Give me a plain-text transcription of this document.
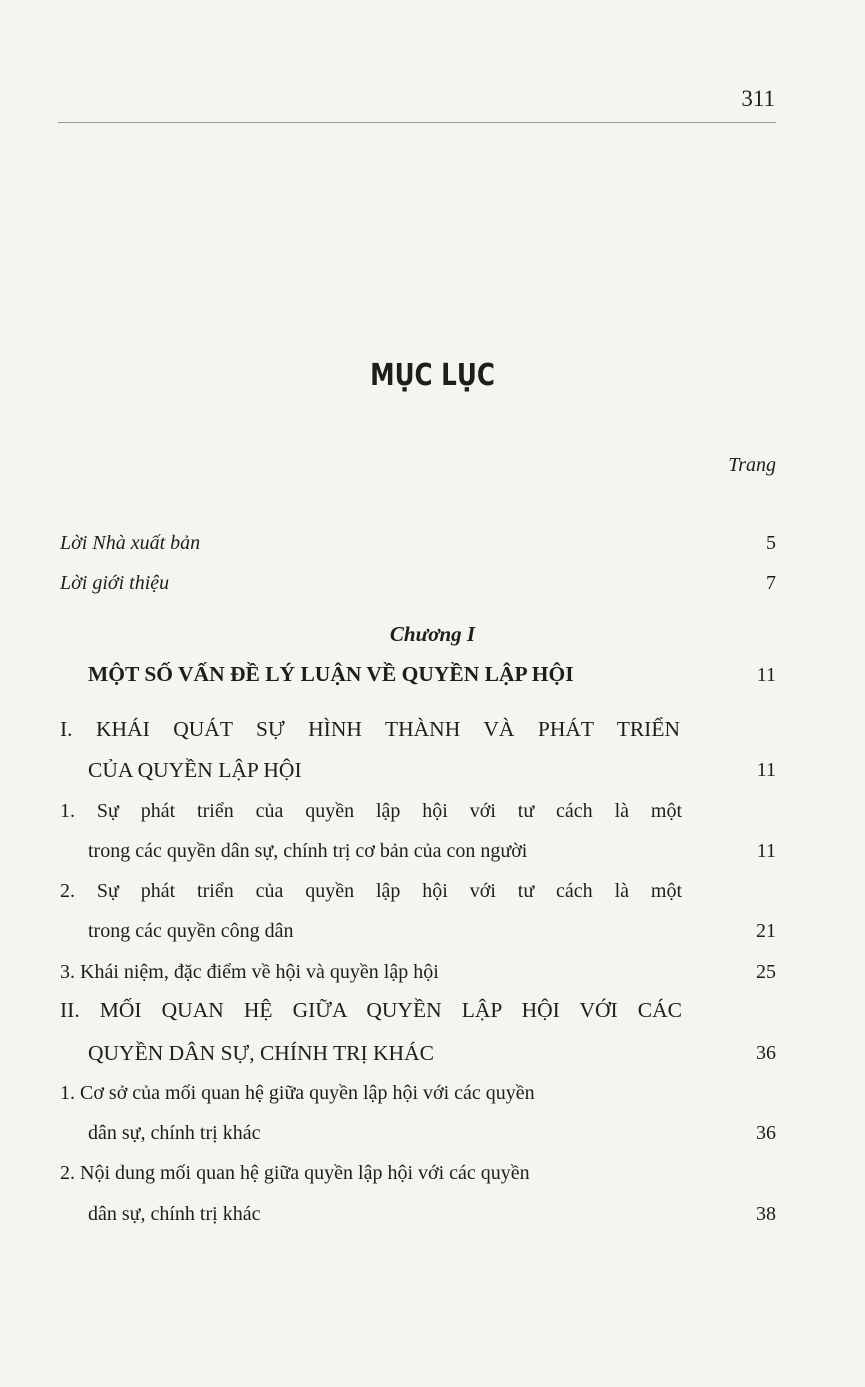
311
MỤC LỤC
Trang
Lời Nhà xuất bản	5
Lời giới thiệu	7
Chương I
MỘT SỐ VẤN ĐỀ LÝ LUẬN VỀ QUYỀN LẬP HỘI	11
I. KHÁI QUÁT SỰ HÌNH THÀNH VÀ PHÁT TRIỂN
CỦA QUYỀN LẬP HỘI	11
1. Sự phát triển của quyền lập hội với tư cách là một
trong các quyền dân sự, chính trị cơ bản của con người	11
2. Sự phát triển của quyền lập hội với tư cách là một
trong các quyền công dân	21
3. Khái niệm, đặc điểm về hội và quyền lập hội	25
II. MỐI QUAN HỆ GIỮA QUYỀN LẬP HỘI VỚI CÁC
QUYỀN DÂN SỰ, CHÍNH TRỊ KHÁC	36
1. Cơ sở của mối quan hệ giữa quyền lập hội với các quyền
dân sự, chính trị khác	36
2. Nội dung mối quan hệ giữa quyền lập hội với các quyền
dân sự, chính trị khác	38
